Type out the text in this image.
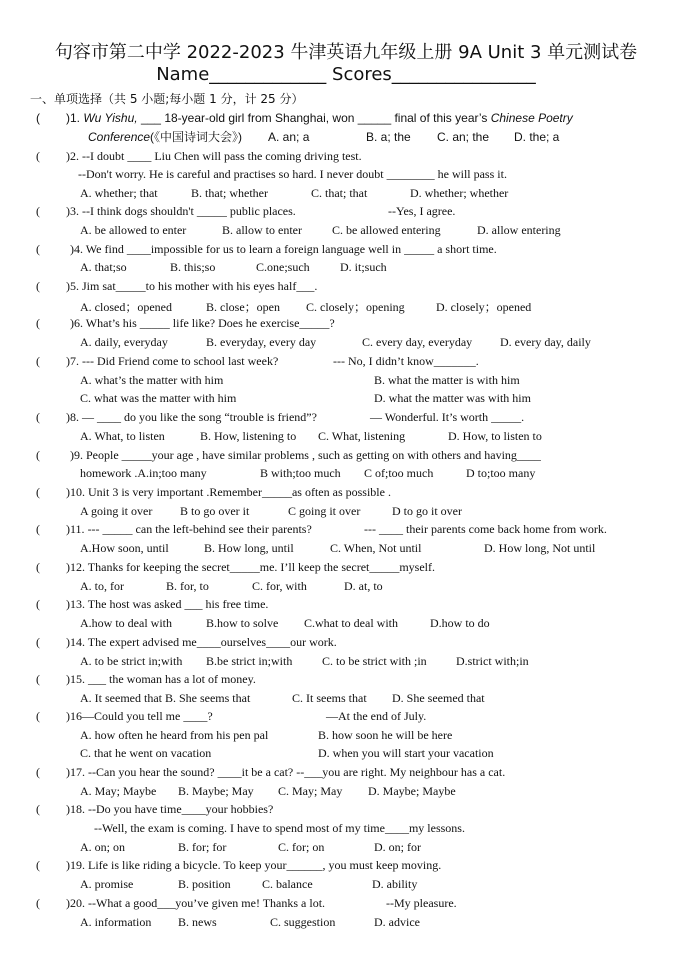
句容市第二中学 2022-2023 牛津英语九年级上册 9A Unit 3 单元测试卷
Name_____________ Scores________________
一、单项选择（共 5 小题;每小题 1 分，计 25 分）
( )1. Wu Yishu, ___ 18-year-old girl from Shanghai, won _____ final of this year’s Chinese Poetry
Conference(《中国诗词大会》) A. an; a	B. a; the C. an; the D. the; a
( )2. --I doubt ____ Liu Chen will pass the coming driving test.
--Don't worry. He is careful and practises so hard. I never doubt ________ he will pass it.
A. whether; that	B. that; whether	C. that; that	D. whether; whether
( )3. --I think dogs shouldn't _____ public places.	--Yes, I agree.
A. be allowed to enter	B. allow to enter	C. be allowed entering	D. allow entering
(	)4. We find ____impossible for us to learn a foreign language well in _____ a short time.
A. that;so	B. this;so	C.one;such	D. it;such
( )5. Jim sat_____to his mother with his eyes half___.
A. closed；opened	B. close；open C. closely；opening	D. closely；opened
(	)6. What’s his _____ life like? Does he exercise_____?
A. daily, everyday	B. everyday, every day	C. every day, everyday D. every day, daily
( )7. --- Did Friend come to school last week?	--- No, I didn’t know_______.
A. what’s the matter with him	B. what the matter is with him
C. what was the matter with him	D. what the matter was with him
( )8. — ____ do you like the song “trouble is friend”?	— Wonderful. It’s worth _____.
A. What, to listen	B. How, listening to C. What, listening	D. How, to listen to
(	)9. People _____your age , have similar problems , such as getting on with others and having____
homework .A.in;too many	B with;too much C of;too much	D to;too many
( )10. Unit 3 is very important .Remember_____as often as possible .
A going it over B to go over it	C going it over	D to go it over
( )11. --- _____ can the left-behind see their parents?	--- ____ their parents come back home from work.
A.How soon, until	B. How long, until	C. When, Not until	D. How long, Not until
( )12. Thanks for keeping the secret_____me. I’ll keep the secret_____myself.
A. to, for	B. for, to	C. for, with	D. at, to
( )13. The host was asked ___ his free time.
A.how to deal with	B.how to solve C.what to deal with	D.how to do
( )14. The expert advised me____ourselves____our work.
A. to be strict in;with B.be strict in;with C. to be strict with ;in D.strict with;in
( )15. ___ the woman has a lot of money.
A. It seemed that B. She seems that	C. It seems that D. She seemed that
( )16—Could you tell me ____?	—At the end of July.
A. how often he heard from his pen pal	B. how soon he will be here
C. that he went on vacation	D. when you will start your vacation
( )17. --Can you hear the sound? ____it be a cat? --___you are right. My neighbour has a cat.
A. May; Maybe B. Maybe; May C. May; May D. Maybe; Maybe
( )18. --Do you have time____your hobbies?
--Well, the exam is coming. I have to spend most of my time____my lessons.
A. on; on	B. for; for	C. for; on	D. on; for
( )19. Life is like riding a bicycle. To keep your______, you must keep moving.
A. promise	B. position	C. balance	D. ability
( )20. --What a good___you’ve given me! Thanks a lot.	--My pleasure.
A. information B. news	C. suggestion	D. advice
